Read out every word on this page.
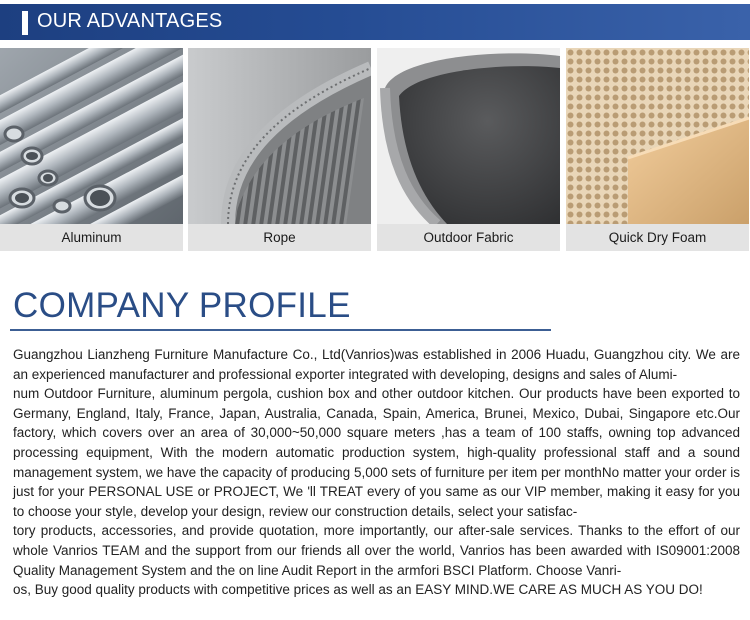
OUR ADVANTAGES
Aluminum	Rope	Outdoor Fabric	Quick Dry Foam
COMPANY PROFILE

Guangzhou Lianzheng Furniture Manufacture Co., Ltd(Vanrios)was established in 2006 Huadu, Guangzhou city. We are an experienced manufacturer and professional exporter integrated with developing, designs and sales of Alumi-
num Outdoor Furniture, aluminum pergola, cushion box and other outdoor kitchen. Our products have been exported to Germany, England, Italy, France, Japan, Australia, Canada, Spain, America, Brunei, Mexico, Dubai, Singapore etc.Our factory, which covers over an area of 30,000~50,000 square meters ,has a team of 100 staffs, owning top advanced processing equipment, With the modern automatic production system, high-quality professional staff and a sound management system, we have the capacity of producing 5,000 sets of furniture per item per monthNo matter your order is just for your PERSONAL USE or PROJECT, We 'll TREAT every of you same as our VIP member, making it easy for you to choose your style, develop your design, review our construction details, select your satisfac-
tory products, accessories, and provide quotation, more importantly, our after-sale services. Thanks to the effort of our whole Vanrios TEAM and the support from our friends all over the world, Vanrios has been awarded with IS09001:2008 Quality Management System and the on line Audit Report in the armfori BSCI Platform. Choose Vanri-
os, Buy good quality products with competitive prices as well as an EASY MIND.WE CARE AS MUCH AS YOU DO!
